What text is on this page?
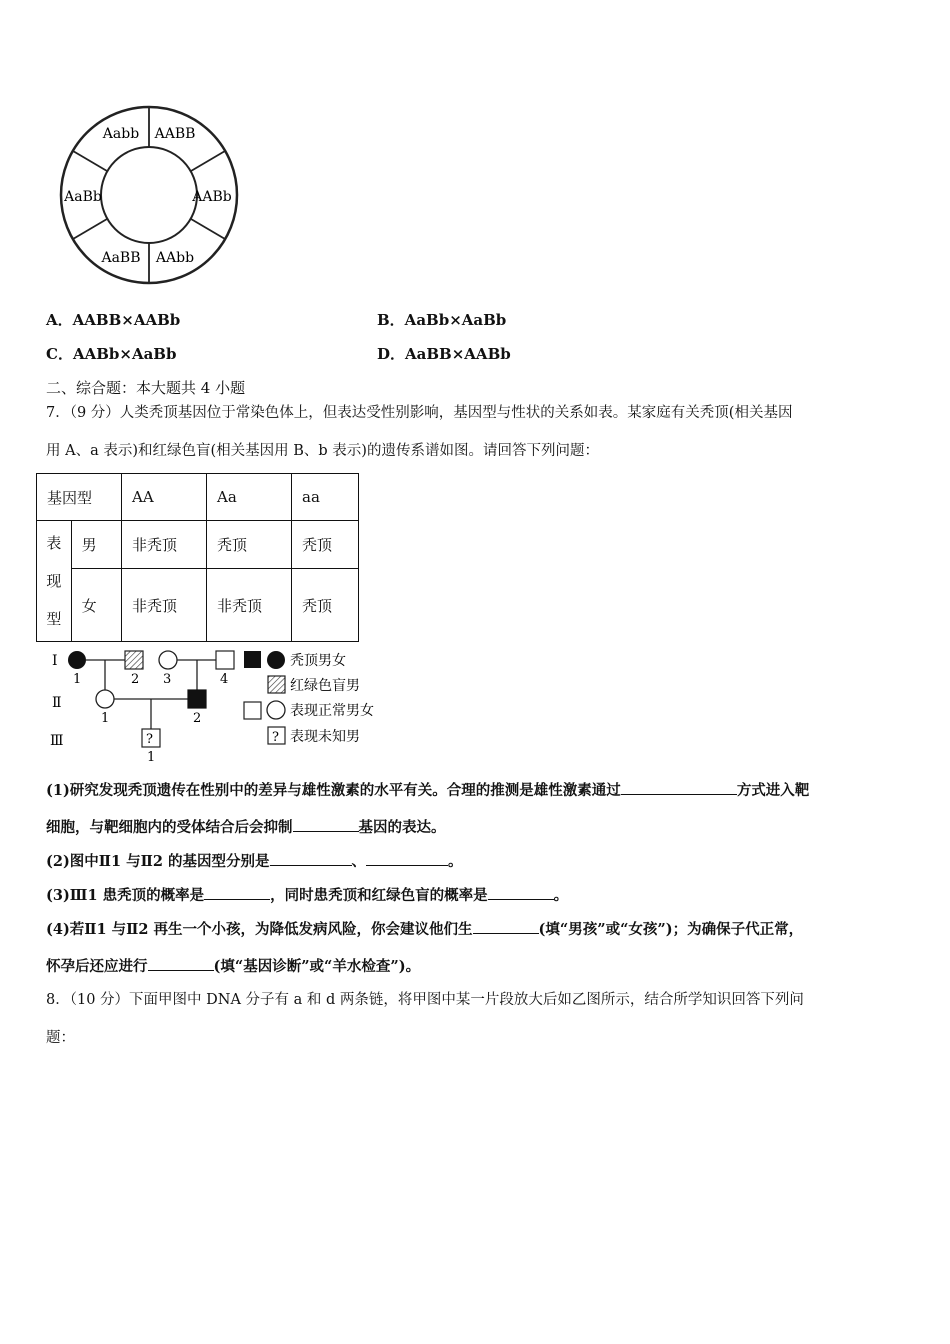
Aabb AABB
AABb
AAbb
AaBB
AaBb
A．AABB×AABb	B．AaBb×AaBb
C．AABb×AaBb	D．AaBB×AABb
二、综合题：本大题共 4 小题
7．（9 分）人类秃顶基因位于常染色体上，但表达受性别影响，基因型与性状的关系如表。某家庭有关秃顶(相关基因
用 A、a 表示)和红绿色盲(相关基因用 B、b 表示)的遗传系谱如图。请回答下列问题：
基因型		AA	Aa	aa

表
现
型	男	非秃顶	秃顶	秃顶
	女	非秃顶	非秃顶	秃顶
Ⅰ
Ⅱ
Ⅲ
1	2 3	4
1	2
?
1
秃顶男女
红绿色盲男
表现正常男女
? 表现未知男
(1)研究发现秃顶遗传在性别中的差异与雄性激素的水平有关。合理的推测是雄性激素通过	方式进入靶
细胞，与靶细胞内的受体结合后会抑制	基因的表达。
(2)图中Ⅱ1 与Ⅱ2 的基因型分别是	、	。
(3)Ⅲ1 患秃顶的概率是	，同时患秃顶和红绿色盲的概率是	。
(4)若Ⅱ1 与Ⅱ2 再生一个小孩，为降低发病风险，你会建议他们生	(填“男孩”或“女孩”)；为确保子代正常，
怀孕后还应进行	(填“基因诊断”或“羊水检查”)。
8．（10 分）下面甲图中 DNA 分子有 a 和 d 两条链，将甲图中某一片段放大后如乙图所示，结合所学知识回答下列问
题：
